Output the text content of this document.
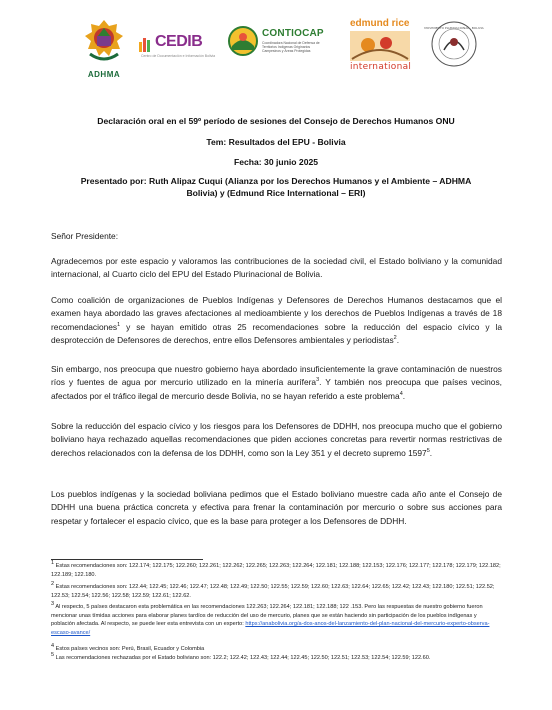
ADHMA
CEDIB
Centro de Documentación e Información Bolivia
CONTIOCAP
Coordinadora Nacional de Defensa de Territorios Indígenas Originarios Campesinos y Áreas Protegidas
edmund rice
international
MOVIMIENTO PLURINACIONAL · BOLIVIA
Declaración oral en el 59º período de sesiones del Consejo de Derechos Humanos ONU
Tem: Resultados del EPU - Bolivia
Fecha: 30 junio 2025
Presentado por: Ruth Alipaz Cuqui (Alianza por los Derechos Humanos y el Ambiente – ADHMA
Bolivia) y (Edmund Rice International – ERI)
Señor Presidente:
Agradecemos por este espacio y valoramos las contribuciones de la sociedad civil, el Estado boliviano y la comunidad internacional, al Cuarto ciclo del EPU del Estado Plurinacional de Bolivia.
Como coalición de organizaciones de Pueblos Indígenas y Defensores de Derechos Humanos destacamos que el examen haya abordado las graves afectaciones al medioambiente y los derechos de Pueblos Indígenas a través de 18 recomendaciones$^1$ y se hayan emitido otras 25 recomendaciones sobre la reducción del espacio cívico y la desprotección de Defensores de derechos, entre ellos Defensores ambientales y periodistas$^2$.
Sin embargo, nos preocupa que nuestro gobierno haya abordado insuficientemente la grave contaminación de nuestros ríos y fuentes de agua por mercurio utilizado en la minería aurífera$^3$. Y también nos preocupa que países vecinos, afectados por el tráfico ilegal de mercurio desde Bolivia, no se hayan referido a este problema$^4$.
Sobre la reducción del espacio cívico y los riesgos para los Defensores de DDHH, nos preocupa mucho que el gobierno boliviano haya rechazado aquellas recomendaciones que piden acciones concretas para revertir normas restrictivas de derechos relacionados con la defensa de los DDHH, como son la Ley 351 y el decreto supremo 1597$^5$.
Los pueblos indígenas y la sociedad boliviana pedimos que el Estado boliviano muestre cada año ante el Consejo de DDHH una buena práctica concreta y efectiva para frenar la contaminación por mercurio o sobre sus acciones para respetar y fortalecer el espacio cívico, que es la base para proteger a los Defensores de DDHH.
$^1$ Estas recomendaciones son: 122.174; 122.175; 122.260; 122.261; 122.262; 122.265; 122.263; 122.264; 122.181; 122.188; 122.153; 122.176; 122.177; 122.178; 122.179; 122.182; 122.189; 122.180.
$^2$ Estas recomendaciones son: 122.44; 122.45; 122.46; 122.47; 122.48; 122.49; 122.50; 122.55; 122.59; 122.60; 122.63; 122.64; 122.65; 122.42; 122.43; 122.180; 122.51; 122.52; 122.53; 122.54; 122.56; 122.58; 122.59; 122.61; 122.62.
$^3$ Al respecto, 5 países destacaron esta problemática en las recomendaciones 122.263; 122.264; 122.181; 122.188; 122 .153. Pero las respuestas de nuestro gobierno fueron mencionar unas tímidas acciones para elaborar planes tardíos de reducción del uso de mercurio, planes que se están haciendo sin participación de los pueblos indígenas y población afectada. Al respecto, se puede leer esta entrevista con un experto: https://anabolivia.org/a-dos-anos-del-lanzamiento-del-plan-nacional-del-mercurio-experto-observa-escaso-avance/
$^4$ Estos países vecinos son: Perú, Brasil, Ecuador y Colombia
$^5$ Las recomendaciones rechazadas por el Estado boliviano son: 122.2; 122.42; 122.43; 122.44; 122.45; 122.50; 122.51; 122.53; 122.54; 122.59; 122.60.
